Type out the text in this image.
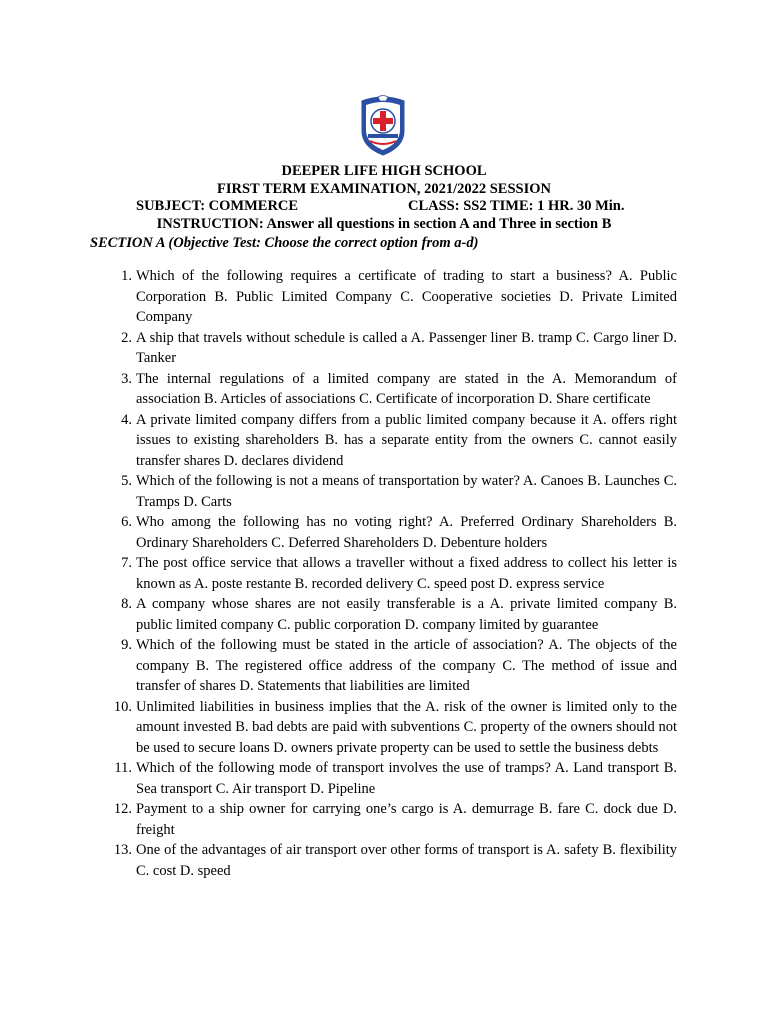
DEEPER LIFE HIGH SCHOOL
FIRST TERM EXAMINATION, 2021/2022 SESSION
SUBJECT: COMMERCE	CLASS: SS2 TIME: 1 HR. 30 Min.
INSTRUCTION: Answer all questions in section A and Three in section B
SECTION A (Objective Test: Choose the correct option from a-d)
1. Which of the following requires a certificate of trading to start a business? A. Public Corporation B. Public Limited Company C. Cooperative societies D. Private Limited Company
2. A ship that travels without schedule is called a A. Passenger liner B. tramp C. Cargo liner D. Tanker
3. The internal regulations of a limited company are stated in the A. Memorandum of association B. Articles of associations C. Certificate of incorporation D. Share certificate
4. A private limited company differs from a public limited company because it A. offers right issues to existing shareholders B. has a separate entity from the owners C. cannot easily transfer shares D. declares dividend
5. Which of the following is not a means of transportation by water? A. Canoes B. Launches C. Tramps D. Carts
6. Who among the following has no voting right? A. Preferred Ordinary Shareholders B. Ordinary Shareholders C. Deferred Shareholders D. Debenture holders
7. The post office service that allows a traveller without a fixed address to collect his letter is known as A. poste restante B. recorded delivery C. speed post D. express service
8. A company whose shares are not easily transferable is a A. private limited company B. public limited company C. public corporation D. company limited by guarantee
9. Which of the following must be stated in the article of association? A. The objects of the company B. The registered office address of the company C. The method of issue and transfer of shares D. Statements that liabilities are limited
10. Unlimited liabilities in business implies that the A. risk of the owner is limited only to the amount invested B. bad debts are paid with subventions C. property of the owners should not be used to secure loans D. owners private property can be used to settle the business debts
11. Which of the following mode of transport involves the use of tramps? A. Land transport B. Sea transport C. Air transport D. Pipeline
12. Payment to a ship owner for carrying one’s cargo is A. demurrage B. fare C. dock due D. freight
13. One of the advantages of air transport over other forms of transport is A. safety B. flexibility C. cost D. speed
